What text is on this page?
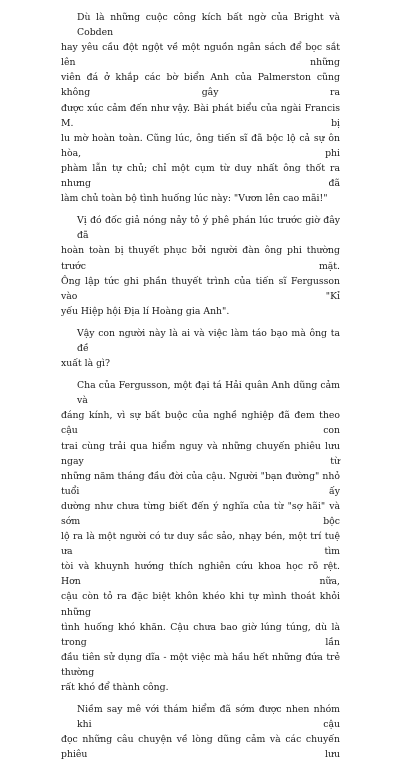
Dù là những cuộc công kích bất ngờ của Bright và Cobden
hay yêu cầu đột ngột về một nguồn ngân sách để bọc sắt lên những
viên đá ở khắp các bờ biển Anh của Palmerston cũng không gây ra
được xúc cảm đến như vậy. Bài phát biểu của ngài Francis M. bị
lu mờ hoàn toàn. Cũng lúc, ông tiến sĩ đã bộc lộ cả sự ôn hòa, phi
phàm lẫn tự chủ; chỉ một cụm từ duy nhất ông thốt ra nhưng đã
làm chủ toàn bộ tình huống lúc này: "Vươn lên cao mãi!"

Vị đó đốc giả nóng nảy tỏ ý phê phán lúc trước giờ đây đã
hoàn toàn bị thuyết phục bởi người đàn ông phi thường trước mặt.
Ông lập tức ghi phần thuyết trình của tiến sĩ Fergusson vào "Kỉ
yếu Hiệp hội Địa lí Hoàng gia Anh".

Vậy con người này là ai và việc làm táo bạo mà ông ta đề
xuất là gì?

Cha của Fergusson, một đại tá Hải quân Anh dũng cảm và
đáng kính, vì sự bất buộc của nghề nghiệp đã đem theo cậu con
trai cùng trải qua hiểm nguy và những chuyến phiêu lưu ngay từ
những năm tháng đầu đời của cậu. Người "bạn đường" nhỏ tuổi ấy
dường như chưa từng biết đến ý nghĩa của từ "sợ hãi" và sớm bộc
lộ ra là một người có tư duy sắc sảo, nhạy bén, một trí tuệ ưa tìm
tòi và khuynh hướng thích nghiên cứu khoa học rõ rệt. Hơn nữa,
cậu còn tỏ ra đặc biệt khôn khéo khi tự mình thoát khỏi những
tình huống khó khăn. Cậu chưa bao giờ lúng túng, dù là trong lần
đầu tiên sử dụng dĩa - một việc mà hầu hết những đứa trẻ thường
rất khó để thành công.

Niềm say mê với thám hiểm đã sớm được nhen nhóm khi cậu
đọc những câu chuyện về lòng dũng cảm và các chuyến phiêu lưu
